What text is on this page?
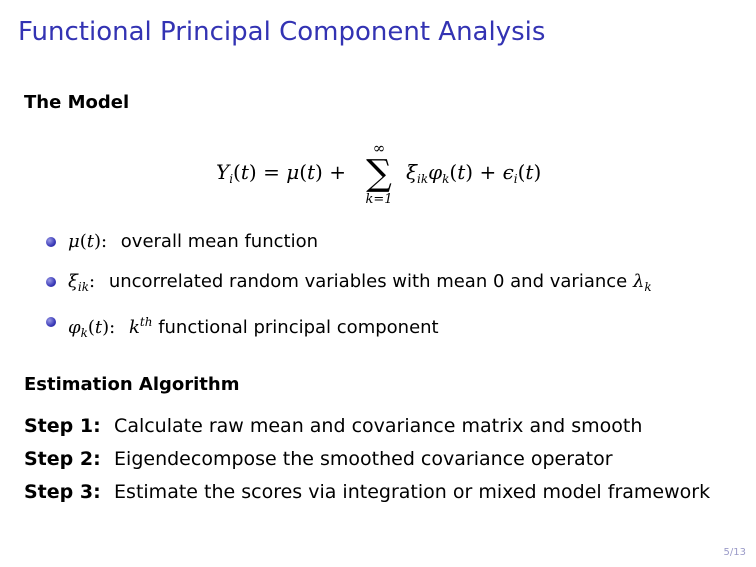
Functional Principal Component Analysis
The Model
$Y_i(t) = \mu(t)$ +
∞
∑
k=1
$\xi_{ik}\varphi_k(t) + \epsilon_i(t)$
μ(t): overall mean function
$\xi_{ik}$: uncorrelated random variables with mean 0 and variance $\lambda_k$
$\varphi_k(t)$: $k^{th}$ functional principal component
Estimation Algorithm
Step 1: Calculate raw mean and covariance matrix and smooth
Step 2: Eigendecompose the smoothed covariance operator
Step 3: Estimate the scores via integration or mixed model framework
5/13
